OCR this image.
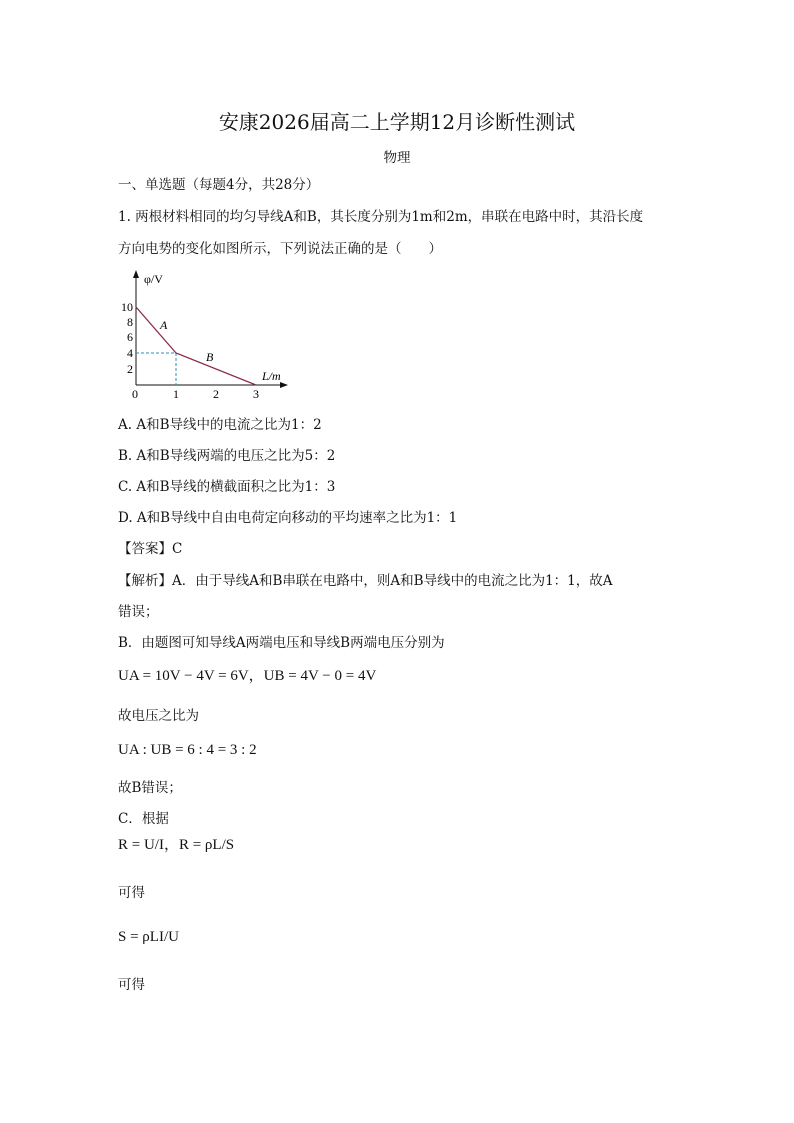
安康2026届高二上学期12月诊断性测试
物理
一、单选题（每题4分，共28分）
1. 两根材料相同的均匀导线A和B，其长度分别为1m和2m，串联在电路中时，其沿长度
方向电势的变化如图所示，下列说法正确的是（　　）
φ/V
L/m
2
4
6
8
10
0	1	2	3
A
B
A. A和B导线中的电流之比为1：2
B. A和B导线两端的电压之比为5：2
C. A和B导线的横截面积之比为1：3
D. A和B导线中自由电荷定向移动的平均速率之比为1：1
【答案】C
【解析】A．由于导线A和B串联在电路中，则A和B导线中的电流之比为1：1，故A
错误；
B．由题图可知导线A两端电压和导线B两端电压分别为
UA = 10V − 4V = 6V，UB = 4V − 0 = 4V
故电压之比为
UA : UB = 6 : 4 = 3 : 2
故B错误；
C．根据
R = U/I，R = ρL/S
可得
S = ρLI/U
可得
